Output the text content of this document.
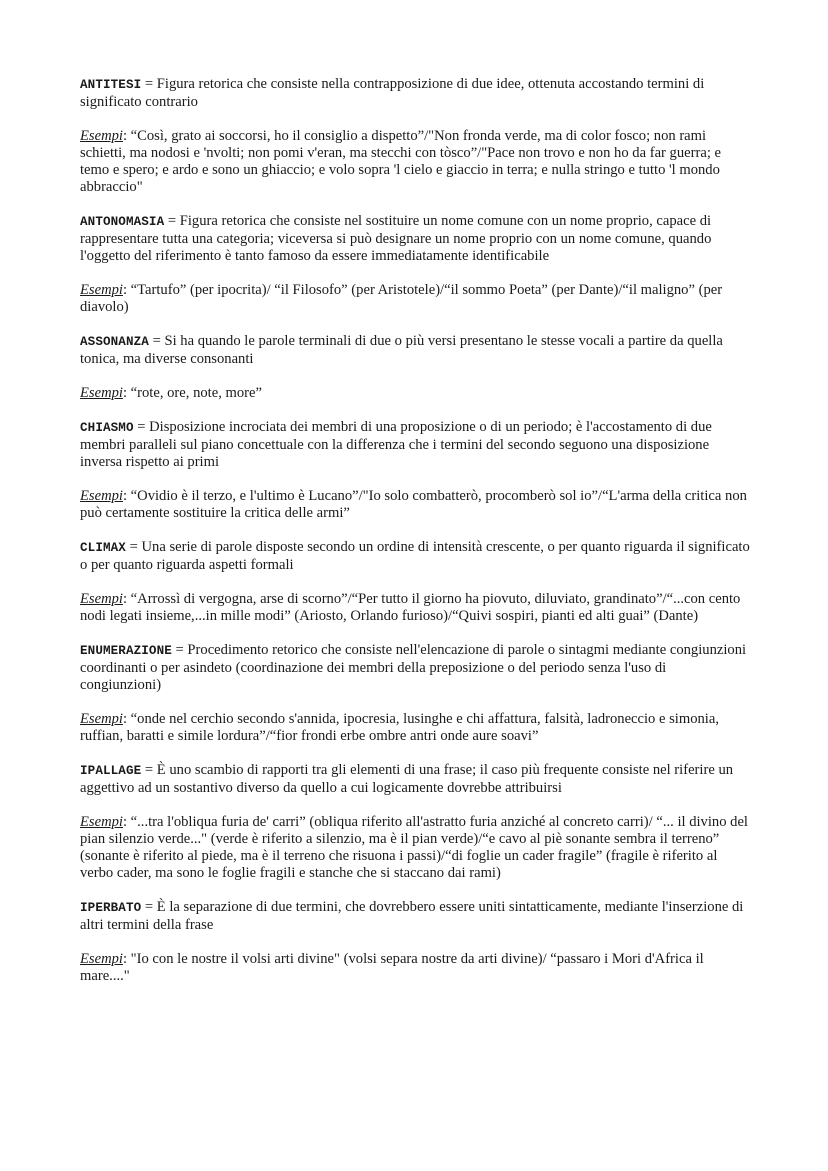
ANTITESI = Figura retorica che consiste nella contrapposizione di due idee, ottenuta accostando termini di significato contrario

Esempi: “Così, grato ai soccorsi, ho il consiglio a dispetto”/"Non fronda verde, ma di color fosco; non rami schietti, ma nodosi e 'nvolti; non pomi v'eran, ma stecchi con tòsco”/"Pace non trovo e non ho da far guerra; e temo e spero; e ardo e sono un ghiaccio; e volo sopra 'l cielo e giaccio in terra; e nulla stringo e tutto 'l mondo abbraccio"

ANTONOMASIA = Figura retorica che consiste nel sostituire un nome comune con un nome proprio, capace di rappresentare tutta una categoria; viceversa si può designare un nome proprio con un nome comune, quando l'oggetto del riferimento è tanto famoso da essere immediatamente identificabile

Esempi: “Tartufo” (per ipocrita)/ “il Filosofo” (per Aristotele)/“il sommo Poeta” (per Dante)/“il maligno” (per diavolo)

ASSONANZA = Si ha quando le parole terminali di due o più versi presentano le stesse vocali a partire da quella tonica, ma diverse consonanti

Esempi: “rote, ore, note, more”

CHIASMO = Disposizione incrociata dei membri di una proposizione o di un periodo; è l'accostamento di due membri paralleli sul piano concettuale con la differenza che i termini del secondo seguono una disposizione inversa rispetto ai primi

Esempi: “Ovidio è il terzo, e l'ultimo è Lucano”/"Io solo combatterò, procomberò sol io”/“L'arma della critica non può certamente sostituire la critica delle armi”

CLIMAX = Una serie di parole disposte secondo un ordine di intensità crescente, o per quanto riguarda il significato o per quanto riguarda aspetti formali

Esempi: “Arrossì di vergogna, arse di scorno”/“Per tutto il giorno ha piovuto, diluviato, grandinato”/“...con cento nodi legati insieme,...in mille modi” (Ariosto, Orlando furioso)/“Quivi sospiri, pianti ed alti guai” (Dante)

ENUMERAZIONE = Procedimento retorico che consiste nell'elencazione di parole o sintagmi mediante congiunzioni coordinanti o per asindeto (coordinazione dei membri della preposizione o del periodo senza l'uso di congiunzioni)

Esempi: “onde nel cerchio secondo s'annida, ipocresia, lusinghe e chi affattura, falsità, ladroneccio e simonia, ruffian, baratti e simile lordura”/“fior frondi erbe ombre antri onde aure soavi”

IPALLAGE = È uno scambio di rapporti tra gli elementi di una frase; il caso più frequente consiste nel riferire un aggettivo ad un sostantivo diverso da quello a cui logicamente dovrebbe attribuirsi

Esempi: “...tra l'obliqua furia de' carri” (obliqua riferito all'astratto furia anziché al concreto carri)/ “... il divino del pian silenzio verde..." (verde è riferito a silenzio, ma è il pian verde)/“e cavo al piè sonante sembra il terreno” (sonante è riferito al piede, ma è il terreno che risuona i passi)/“di foglie un cader fragile” (fragile è riferito al verbo cader, ma sono le foglie fragili e stanche che si staccano dai rami)

IPERBATO = È la separazione di due termini, che dovrebbero essere uniti sintatticamente, mediante l'inserzione di altri termini della frase

Esempi: "Io con le nostre il volsi arti divine" (volsi separa nostre da arti divine)/ “passaro i Mori d'Africa il mare...."
